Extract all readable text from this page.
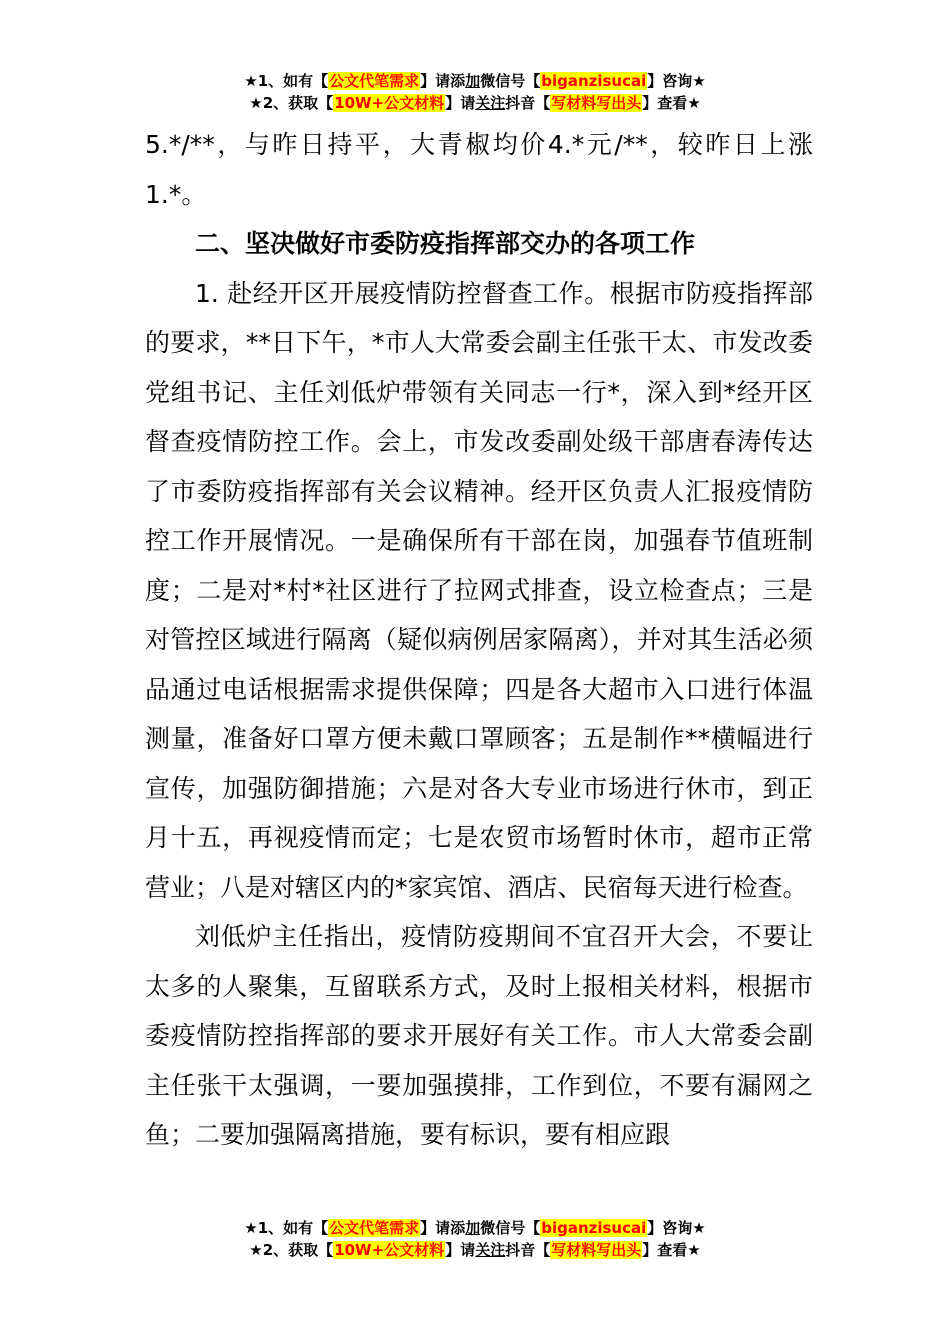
★1、如有【公文代笔需求】请添加微信号【biganzisucai】咨询★
★2、获取【10W+公文材料】请关注抖音【写材料写出头】查看★

5.*/**，与昨日持平，大青椒均价4.*元/**，较昨日上涨1.*。

二、坚决做好市委防疫指挥部交办的各项工作

1. 赴经开区开展疫情防控督查工作。根据市防疫指挥部的要求，**日下午，*市人大常委会副主任张干太、市发改委党组书记、主任刘低炉带领有关同志一行*，深入到*经开区督查疫情防控工作。会上，市发改委副处级干部唐春涛传达了市委防疫指挥部有关会议精神。经开区负责人汇报疫情防控工作开展情况。一是确保所有干部在岗，加强春节值班制度；二是对*村*社区进行了拉网式排查，设立检查点；三是对管控区域进行隔离（疑似病例居家隔离），并对其生活必须品通过电话根据需求提供保障；四是各大超市入口进行体温测量，准备好口罩方便未戴口罩顾客；五是制作**横幅进行宣传，加强防御措施；六是对各大专业市场进行休市，到正月十五，再视疫情而定；七是农贸市场暂时休市，超市正常营业；八是对辖区内的*家宾馆、酒店、民宿每天进行检查。

刘低炉主任指出，疫情防疫期间不宜召开大会，不要让太多的人聚集，互留联系方式，及时上报相关材料，根据市委疫情防控指挥部的要求开展好有关工作。市人大常委会副主任张干太强调，一要加强摸排，工作到位，不要有漏网之鱼；二要加强隔离措施，要有标识，要有相应跟

★1、如有【公文代笔需求】请添加微信号【biganzisucai】咨询★
★2、获取【10W+公文材料】请关注抖音【写材料写出头】查看★
